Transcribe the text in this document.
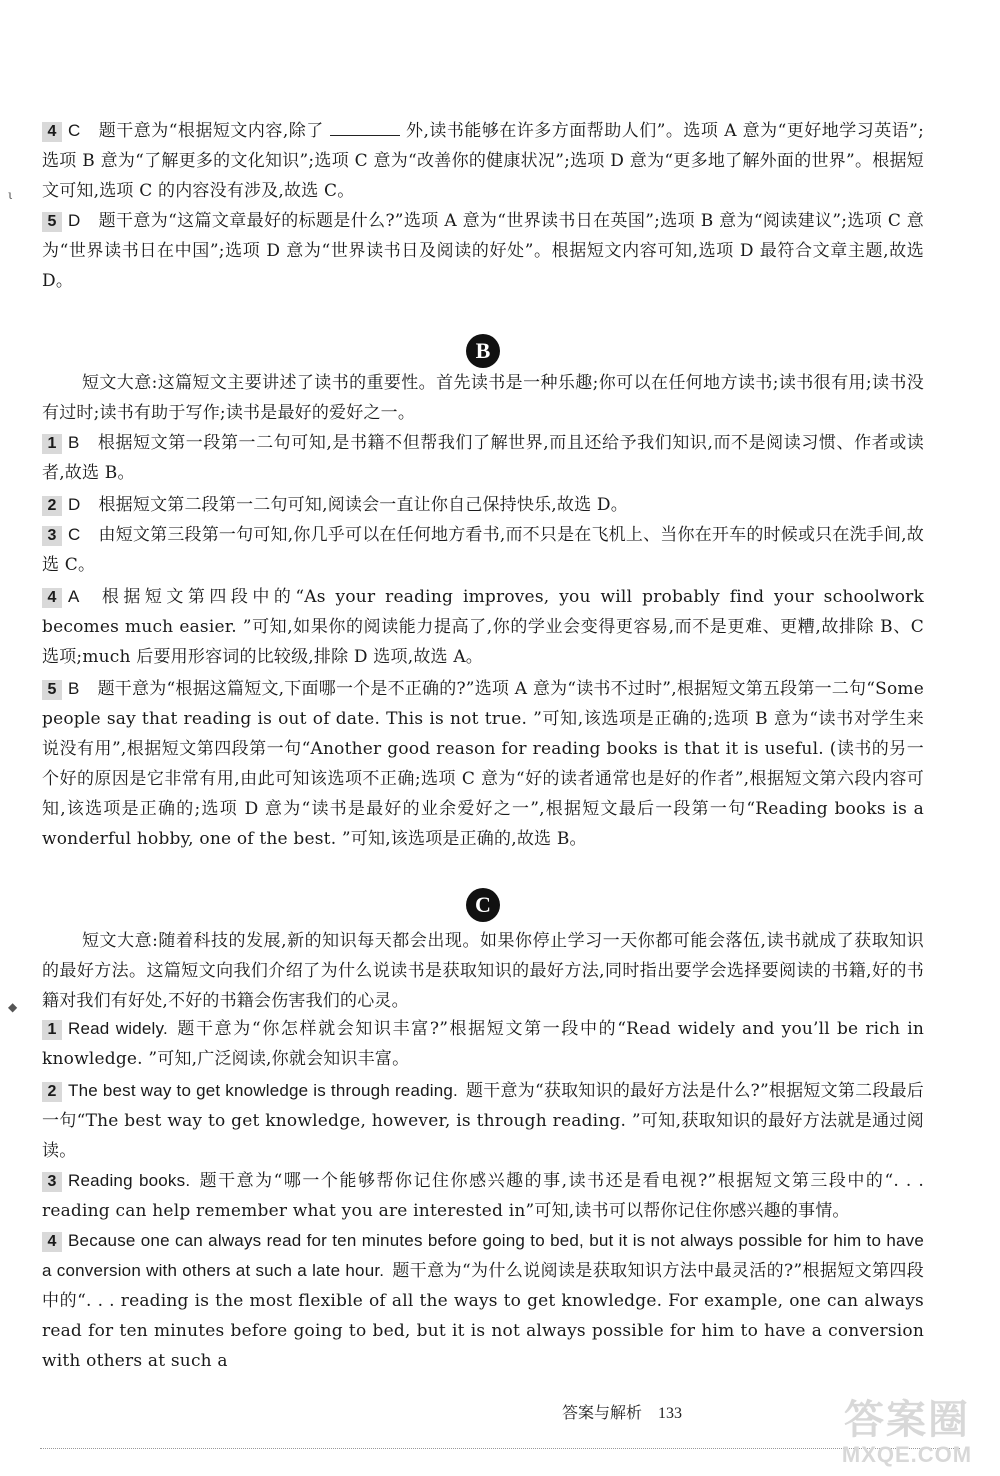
ι
◆
4 C 题干意为“根据短文内容,除了	外,读书能够在许多方面帮助人们”。选项 A 意为“更好地学习英语”;选项 B 意为“了解更多的文化知识”;选项 C 意为“改善你的健康状况”;选项 D 意为“更多地了解外面的世界”。根据短文可知,选项 C 的内容没有涉及,故选 C。
5 D 题干意为“这篇文章最好的标题是什么?”选项 A 意为“世界读书日在英国”;选项 B 意为“阅读建议”;选项 C 意为“世界读书日在中国”;选项 D 意为“世界读书日及阅读的好处”。根据短文内容可知,选项 D 最符合文章主题,故选 D。
B
短文大意:这篇短文主要讲述了读书的重要性。首先读书是一种乐趣;你可以在任何地方读书;读书很有用;读书没有过时;读书有助于写作;读书是最好的爱好之一。
1 B 根据短文第一段第一二句可知,是书籍不但帮我们了解世界,而且还给予我们知识,而不是阅读习惯、作者或读者,故选 B。
2 D 根据短文第二段第一二句可知,阅读会一直让你自己保持快乐,故选 D。
3 C 由短文第三段第一句可知,你几乎可以在任何地方看书,而不只是在飞机上、当你在开车的时候或只在洗手间,故选 C。
4 A 根据短文第四段中的“As your reading improves, you will probably find your schoolwork becomes much easier. ”可知,如果你的阅读能力提高了,你的学业会变得更容易,而不是更难、更糟,故排除 B、C 选项;much 后要用形容词的比较级,排除 D 选项,故选 A。
5 B 题干意为“根据这篇短文,下面哪一个是不正确的?”选项 A 意为“读书不过时”,根据短文第五段第一二句“Some people say that reading is out of date. This is not true. ”可知,该选项是正确的;选项 B 意为“读书对学生来说没有用”,根据短文第四段第一句“Another good reason for reading books is that it is useful. (读书的另一个好的原因是它非常有用,由此可知该选项不正确;选项 C 意为“好的读者通常也是好的作者”,根据短文第六段内容可知,该选项是正确的;选项 D 意为“读书是最好的业余爱好之一”,根据短文最后一段第一句“Reading books is a wonderful hobby, one of the best. ”可知,该选项是正确的,故选 B。
C
短文大意:随着科技的发展,新的知识每天都会出现。如果你停止学习一天你都可能会落伍,读书就成了获取知识的最好方法。这篇短文向我们介绍了为什么说读书是获取知识的最好方法,同时指出要学会选择要阅读的书籍,好的书籍对我们有好处,不好的书籍会伤害我们的心灵。
1 Read widely. 题干意为“你怎样就会知识丰富?”根据短文第一段中的“Read widely and you’ll be rich in knowledge. ”可知,广泛阅读,你就会知识丰富。
2 The best way to get knowledge is through reading. 题干意为“获取知识的最好方法是什么?”根据短文第二段最后一句“The best way to get knowledge, however, is through reading. ”可知,获取知识的最好方法就是通过阅读。
3 Reading books. 题干意为“哪一个能够帮你记住你感兴趣的事,读书还是看电视?”根据短文第三段中的“. . . reading can help remember what you are interested in”可知,读书可以帮你记住你感兴趣的事情。
4 Because one can always read for ten minutes before going to bed, but it is not always possible for him to have a conversion with others at such a late hour. 题干意为“为什么说阅读是获取知识方法中最灵活的?”根据短文第四段中的“. . . reading is the most flexible of all the ways to get knowledge. For example, one can always read for ten minutes before going to bed, but it is not always possible for him to have a conversion with others at such a
答案与解析 133	答案圈
MXQE.COM
